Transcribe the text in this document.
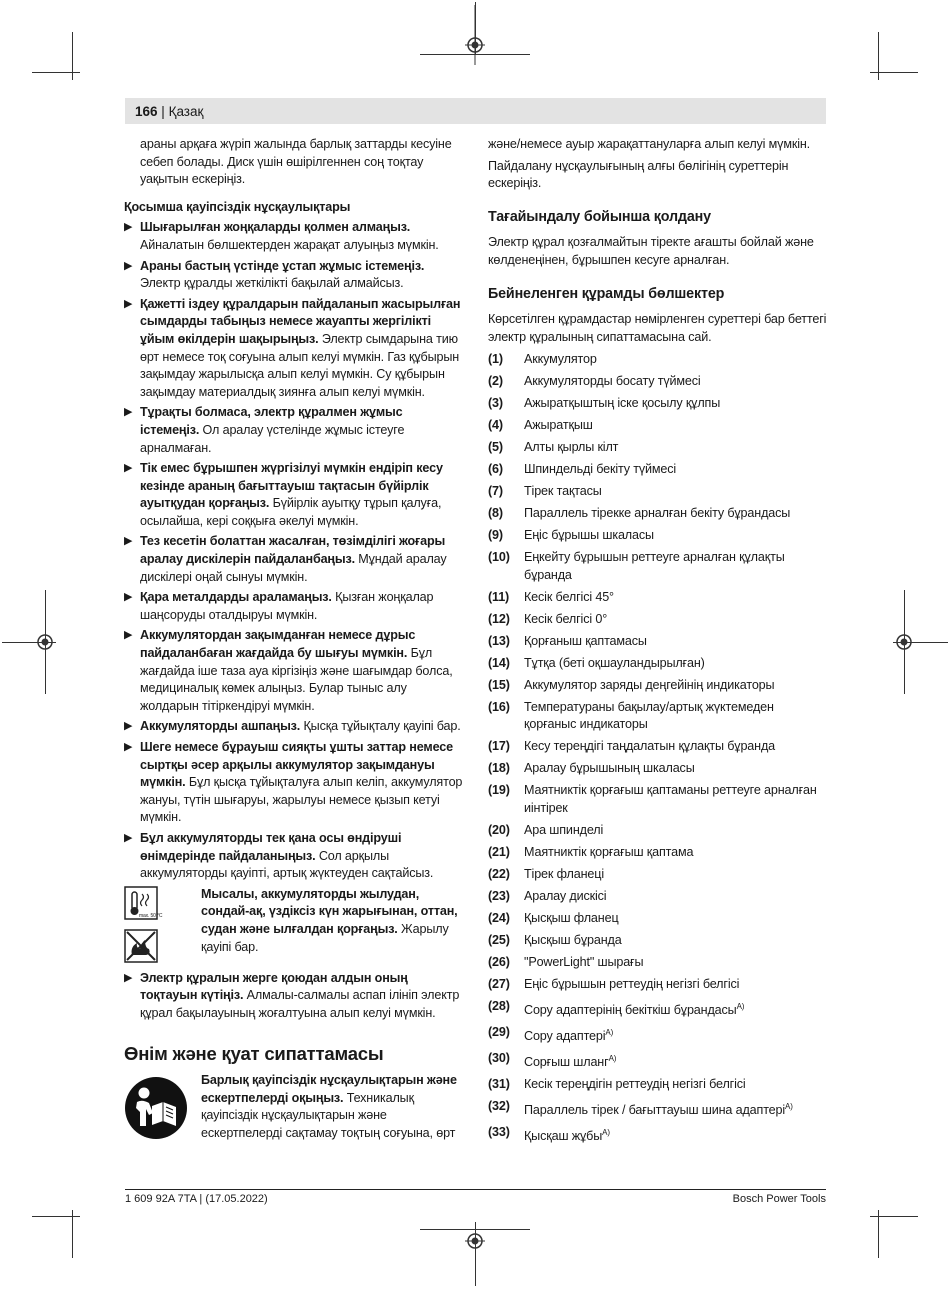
166 | Қазақ

араны арқаға жүріп жалында барлық заттарды кесуіне себеп болады. Диск үшін өшірілгеннен соң тоқтау уақытын ескеріңіз.

Қосымша қауіпсіздік нұсқаулықтары
▶ Шығарылған жоңқаларды қолмен алмаңыз. Айналатын бөлшектерден жарақат алуыңыз мүмкін.
▶ Араны бастың үстінде ұстап жұмыс істемеңіз. Электр құралды жеткілікті бақылай алмайсыз.
▶ Қажетті іздеу құралдарын пайдаланып жасырылған сымдарды табыңыз немесе жауапты жергілікті ұйым өкілдерін шақырыңыз. Электр сымдарына тию өрт немесе тоқ соғуына алып келуі мүмкін. Газ құбырын зақымдау жарылысқа алып келуі мүмкін. Су құбырын зақымдау материалдық зиянға алып келуі мүмкін.
▶ Тұрақты болмаса, электр құралмен жұмыс істемеңіз. Ол аралау үстелінде жұмыс істеуге арналмаған.
▶ Тік емес бұрышпен жүргізілуі мүмкін ендіріп кесу кезінде араның бағыттауыш тақтасын бүйірлік ауытқудан қорғаңыз. Бүйірлік ауытқу тұрып қалуға, осылайша, кері соққыға әкелуі мүмкін.
▶ Тез кесетін болаттан жасалған, төзімділігі жоғары аралау дискілерін пайдаланбаңыз. Мұндай аралау дискілері оңай сынуы мүмкін.
▶ Қара металдарды араламаңыз. Қызған жоңқалар шаңсоруды оталдыруы мүмкін.
▶ Аккумулятордан зақымданған немесе дұрыс пайдаланбаған жағдайда бу шығуы мүмкін. Бұл жағдайда іше таза ауа кіргізіңіз және шағымдар болса, медициналық көмек алыңыз. Булар тыныс алу жолдарын тітіркендіруі мүмкін.
▶ Аккумуляторды ашпаңыз. Қысқа тұйықталу қауіпі бар.
▶ Шеге немесе бұрауыш сияқты ұшты заттар немесе сыртқы әсер арқылы аккумулятор зақымдануы мүмкін. Бұл қысқа тұйықталуға алып келіп, аккумулятор жануы, түтін шығаруы, жарылуы немесе қызып кетуі мүмкін.
▶ Бұл аккумуляторды тек қана осы өндіруші өнімдерінде пайдаланыңыз. Сол арқылы аккумуляторды қауіпті, артық жүктеуден сақтайсыз.
max. 50 °C

Мысалы, аккумуляторды жылудан, сондай-ақ, үздіксіз күн жарығынан, оттан, судан және ылғалдан қорғаңыз. Жарылу қауіпі бар.
▶ Электр құралын жерге қоюдан алдын оның тоқтауын күтіңіз. Алмалы-салмалы аспап ілініп электр құрал бақылауының жоғалтуына алып келуі мүмкін.
Өнім және қуат сипаттамасы
Барлық қауіпсіздік нұсқаулықтарын және ескертпелерді оқыңыз. Техникалық қауіпсіздік нұсқаулықтарын және ескертпелерді сақтамау тоқтың соғуына, өрт

және/немесе ауыр жарақаттануларға алып келуі мүмкін.

Пайдалану нұсқаулығының алғы бөлігінің суреттерін ескеріңіз.

Тағайындалу бойынша қолдану

Электр құрал қозғалмайтын тіректе ағашты бойлай және көлденеңінен, бұрышпен кесуге арналған.

Бейнеленген құрамды бөлшектер

Көрсетілген құрамдастар нөмірленген суреттері бар беттегі электр құралының сипаттамасына сай.

(1)	Аккумулятор
(2)	Аккумуляторды босату түймесі
(3)	Ажыратқыштың іске қосылу құлпы
(4)	Ажыратқыш
(5)	Алты қырлы кілт
(6)	Шпиндельді бекіту түймесі
(7)	Тірек тақтасы
(8)	Параллель тірекке арналған бекіту бұрандасы
(9)	Еңіс бұрышы шкаласы
(10)	Еңкейту бұрышын реттеуге арналған құлақты бұранда
(11)	Кесік белгісі 45°
(12)	Кесік белгісі 0°
(13)	Қорғаныш қаптамасы
(14)	Тұтқа (беті оқшауландырылған)
(15)	Аккумулятор заряды деңгейінің индикаторы
(16)	Температураны бақылау/артық жүктемеден қорғаныс индикаторы
(17)	Кесу тереңдігі таңдалатын құлақты бұранда
(18)	Аралау бұрышының шкаласы
(19)	Маятниктік қорғағыш қаптаманы реттеуге арналған иінтірек
(20)	Ара шпинделі
(21)	Маятниктік қорғағыш қаптама
(22)	Тірек фланеці
(23)	Аралау дискісі
(24)	Қысқыш фланец
(25)	Қысқыш бұранда
(26)	"PowerLight" шырағы
(27)	Еңіс бұрышын реттеудің негізгі белгісі
(28)	Сору адаптерінің бекіткіш бұрандасы$^{A)}$
(29)	Сору адаптері$^{A)}$
(30)	Сорғыш шланг$^{A)}$
(31)	Кесік тереңдігін реттеудің негізгі белгісі
(32)	Параллель тірек / бағыттауыш шина адаптері$^{A)}$
(33)	Қысқаш жұбы$^{A)}$
1 609 92A 7TA | (17.05.2022)	Bosch Power Tools
